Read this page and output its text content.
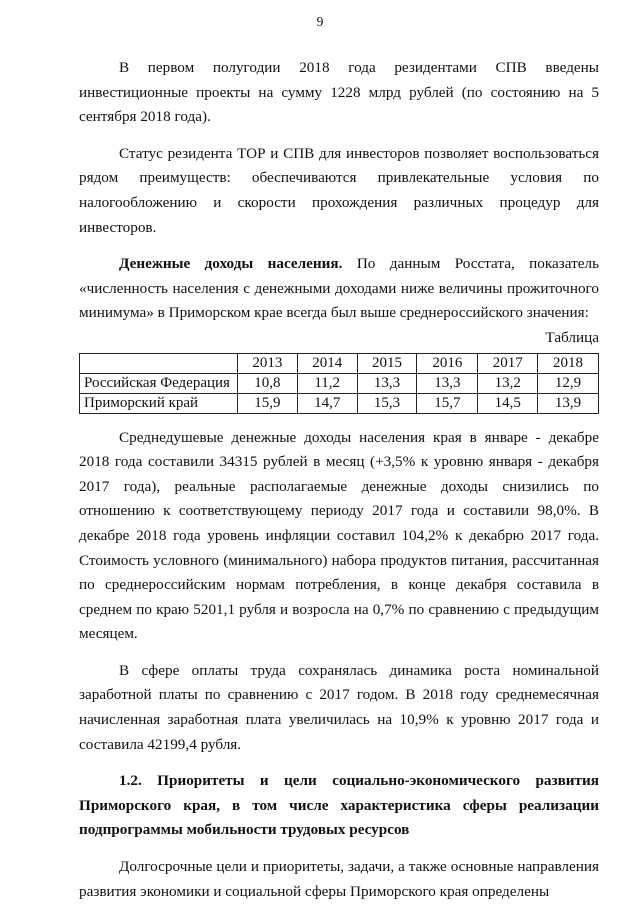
9

В первом полугодии 2018 года резидентами СПВ введены инвестиционные проекты на сумму 1228 млрд рублей (по состоянию на 5 сентября 2018 года).

Статус резидента ТОР и СПВ для инвесторов позволяет воспользоваться рядом преимуществ: обеспечиваются привлекательные условия по налогообложению и скорости прохождения различных процедур для инвесторов.

Денежные доходы населения. По данным Росстата, показатель «численность населения с денежными доходами ниже величины прожиточного минимума» в Приморском крае всегда был выше среднероссийского значения:

Таблица
	2013	2014	2015	2016	2017	2018
Российская Федерация	10,8	11,2	13,3	13,3	13,2	12,9
Приморский край	15,9	14,7	15,3	15,7	14,5	13,9

Среднедушевые денежные доходы населения края в январе - декабре 2018 года составили 34315 рублей в месяц (+3,5% к уровню января - декабря 2017 года), реальные располагаемые денежные доходы снизились по отношению к соответствующему периоду 2017 года и составили 98,0%. В декабре 2018 года уровень инфляции составил 104,2% к декабрю 2017 года. Стоимость условного (минимального) набора продуктов питания, рассчитанная по среднероссийским нормам потребления, в конце декабря составила в среднем по краю 5201,1 рубля и возросла на 0,7% по сравнению с предыдущим месяцем.

В сфере оплаты труда сохранялась динамика роста номинальной заработной платы по сравнению с 2017 годом. В 2018 году среднемесячная начисленная заработная плата увеличилась на 10,9% к уровню 2017 года и составила 42199,4 рубля.

1.2. Приоритеты и цели социально-экономического развития Приморского края, в том числе характеристика сферы реализации подпрограммы мобильности трудовых ресурсов

Долгосрочные цели и приоритеты, задачи, а также основные направления развития экономики и социальной сферы Приморского края определены
